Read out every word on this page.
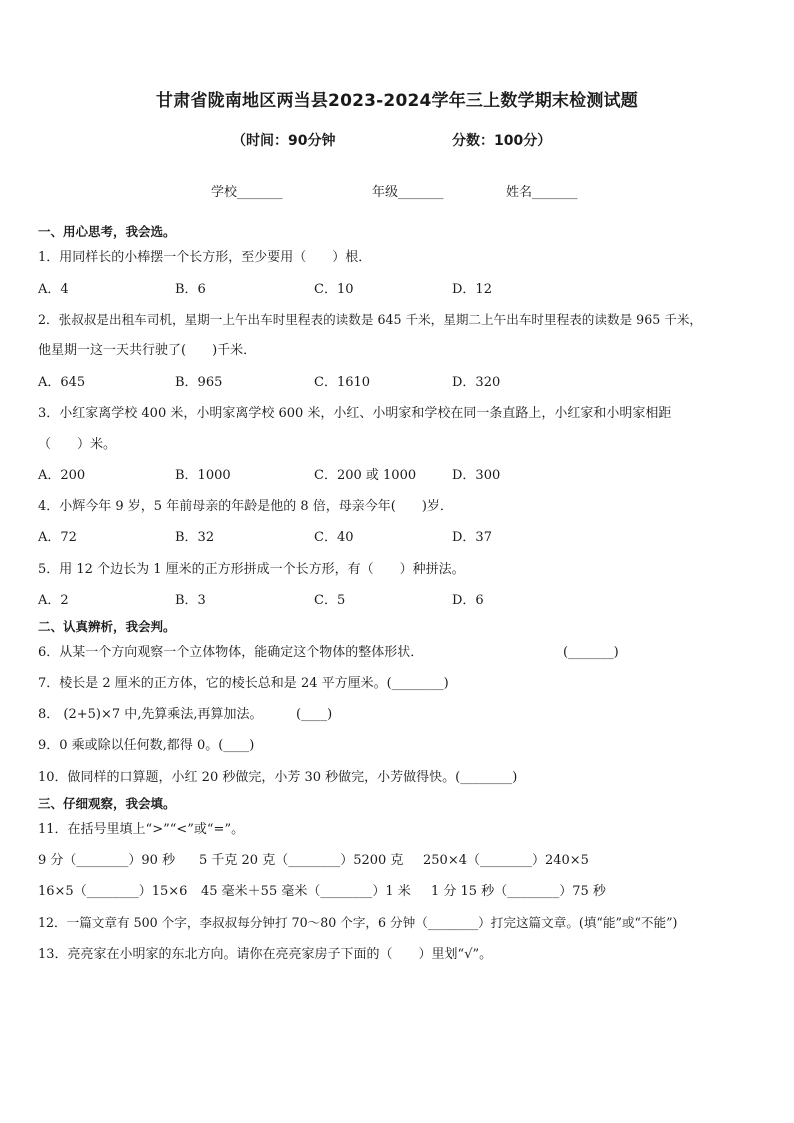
甘肃省陇南地区两当县2023-2024学年三上数学期末检测试题
（时间：90分钟	分数：100分）
学校_______	年级_______	姓名_______
一、用心思考，我会选。
1．用同样长的小棒摆一个长方形，至少要用（　　）根．
A．4	B．6	C．10	D．12
2．张叔叔是出租车司机，星期一上午出车时里程表的读数是 645 千米，星期二上午出车时里程表的读数是 965 千米，
他星期一这一天共行驶了(　　)千米．
A．645	B．965	C．1610	D．320
3．小红家离学校 400 米，小明家离学校 600 米，小红、小明家和学校在同一条直路上，小红家和小明家相距
（　　）米。
A．200	B．1000	C．200 或 1000	D．300
4．小辉今年 9 岁，5 年前母亲的年龄是他的 8 倍，母亲今年(　　)岁．
A．72	B．32	C．40	D．37
5．用 12 个边长为 1 厘米的正方形拼成一个长方形，有（　　）种拼法。
A．2	B．3	C．5	D．6
二、认真辨析，我会判。
6．从某一个方向观察一个立体物体，能确定这个物体的整体形状．	(_______)
7．棱长是 2 厘米的正方体，它的棱长总和是 24 平方厘米。(________)
8． (2+5)×7 中,先算乘法,再算加法。	(____)
9．0 乘或除以任何数,都得 0。(____)
10．做同样的口算题，小红 20 秒做完，小芳 30 秒做完，小芳做得快。(________)
三、仔细观察，我会填。
11．在括号里填上“>”“<”或“=”。
9 分（________）90 秒 5 千克 20 克（________）5200 克 250×4（________）240×5
16×5（________）15×6 45 毫米＋55 毫米（________）1 米 1 分 15 秒（________）75 秒
12．一篇文章有 500 个字，李叔叔每分钟打 70～80 个字，6 分钟（________）打完这篇文章。(填“能”或“不能”)
13．亮亮家在小明家的东北方向。请你在亮亮家房子下面的（　　）里划“√”。
